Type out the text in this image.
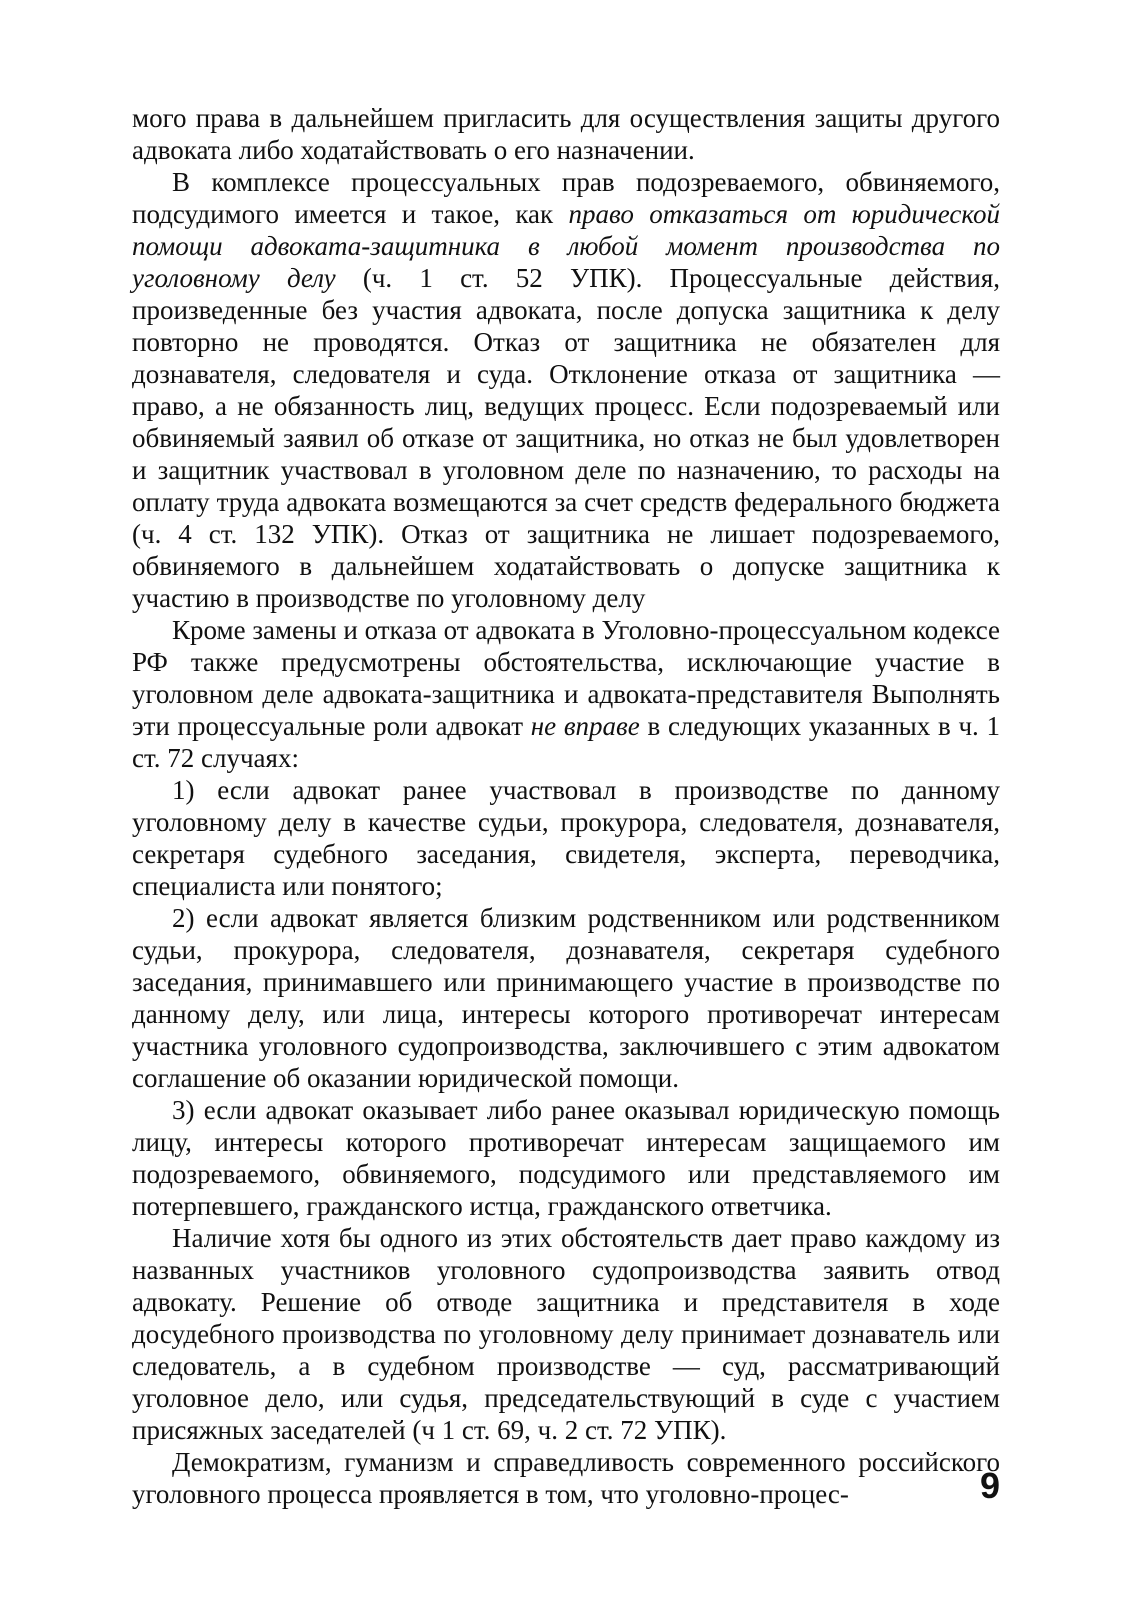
мого права в дальнейшем пригласить для осуществления защиты другого адвоката либо ходатайствовать о его назначении.

В комплексе процессуальных прав подозреваемого, обвиняемого, подсудимого имеется и такое, как право отказаться от юридической помощи адвоката-защитника в любой момент производства по уголовному делу (ч. 1 ст. 52 УПК). Процессуальные действия, произведенные без участия адвоката, после допуска защитника к делу повторно не проводятся. Отказ от защитника не обязателен для дознавателя, следователя и суда. Отклонение отказа от защитника — право, а не обязанность лиц, ведущих процесс. Если подозреваемый или обвиняемый заявил об отказе от защитника, но отказ не был удовлетворен и защитник участвовал в уголовном деле по назначению, то расходы на оплату труда адвоката возмещаются за счет средств федерального бюджета (ч. 4 ст. 132 УПК). Отказ от защитника не лишает подозреваемого, обвиняемого в дальнейшем ходатайствовать о допуске защитника к участию в производстве по уголовному делу

Кроме замены и отказа от адвоката в Уголовно-процессуальном кодексе РФ также предусмотрены обстоятельства, исключающие участие в уголовном деле адвоката-защитника и адвоката-представителя Выполнять эти процессуальные роли адвокат не вправе в следующих указанных в ч. 1 ст. 72 случаях:

1) если адвокат ранее участвовал в производстве по данному уголовному делу в качестве судьи, прокурора, следователя, дознавателя, секретаря судебного заседания, свидетеля, эксперта, переводчика, специалиста или понятого;

2) если адвокат является близким родственником или родственником судьи, прокурора, следователя, дознавателя, секретаря судебного заседания, принимавшего или принимающего участие в производстве по данному делу, или лица, интересы которого противоречат интересам участника уголовного судопроизводства, заключившего с этим адвокатом соглашение об оказании юридической помощи.

3) если адвокат оказывает либо ранее оказывал юридическую помощь лицу, интересы которого противоречат интересам защищаемого им подозреваемого, обвиняемого, подсудимого или представляемого им потерпевшего, гражданского истца, гражданского ответчика.

Наличие хотя бы одного из этих обстоятельств дает право каждому из названных участников уголовного судопроизводства заявить отвод адвокату. Решение об отводе защитника и представителя в ходе досудебного производства по уголовному делу принимает дознаватель или следователь, а в судебном производстве — суд, рассматривающий уголовное дело, или судья, председательствующий в суде с участием присяжных заседателей (ч 1 ст. 69, ч. 2 ст. 72 УПК).

Демократизм, гуманизм и справедливость современного российского уголовного процесса проявляется в том, что уголовно-процес-	9
